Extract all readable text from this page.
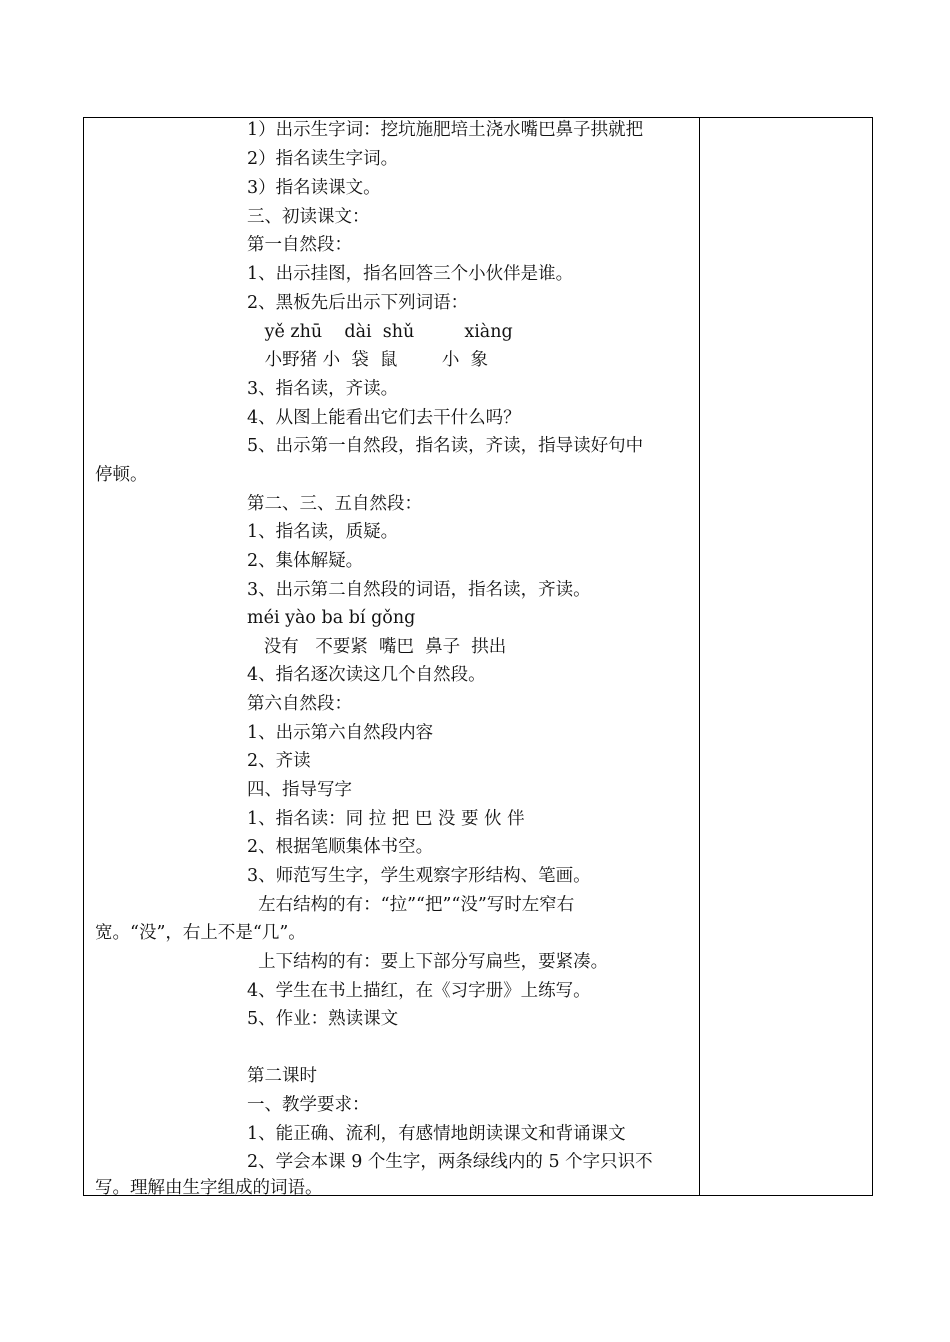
1）出示生字词：挖坑施肥培土浇水嘴巴鼻子拱就把
2）指名读生字词。
3）指名读课文。
三、初读课文：
第一自然段：
1、出示挂图，指名回答三个小伙伴是谁。
2、黑板先后出示下列词语：
yě zhū    dài  shǔ         xiàng
小野猪 小  袋  鼠        小  象
3、指名读，齐读。
4、从图上能看出它们去干什么吗？
5、出示第一自然段，指名读，齐读，指导读好句中
停顿。
第二、三、五自然段：
1、指名读，质疑。
2、集体解疑。
3、出示第二自然段的词语，指名读，齐读。
méi yào ba bí gǒng
没有   不要紧  嘴巴  鼻子  拱出
4、指名逐次读这几个自然段。
第六自然段：
1、出示第六自然段内容
2、齐读
四、指导写字
1、指名读：同 拉 把 巴 没 要 伙 伴
2、根据笔顺集体书空。
3、师范写生字，学生观察字形结构、笔画。
左右结构的有：“拉”“把”“没”写时左窄右
宽。“没”，右上不是“几”。
上下结构的有：要上下部分写扁些，要紧凑。
4、学生在书上描红，在《习字册》上练写。
5、作业：熟读课文
第二课时
一、教学要求：
1、能正确、流利，有感情地朗读课文和背诵课文
2、学会本课 9 个生字，两条绿线内的 5 个字只识不
写。理解由生字组成的词语。
